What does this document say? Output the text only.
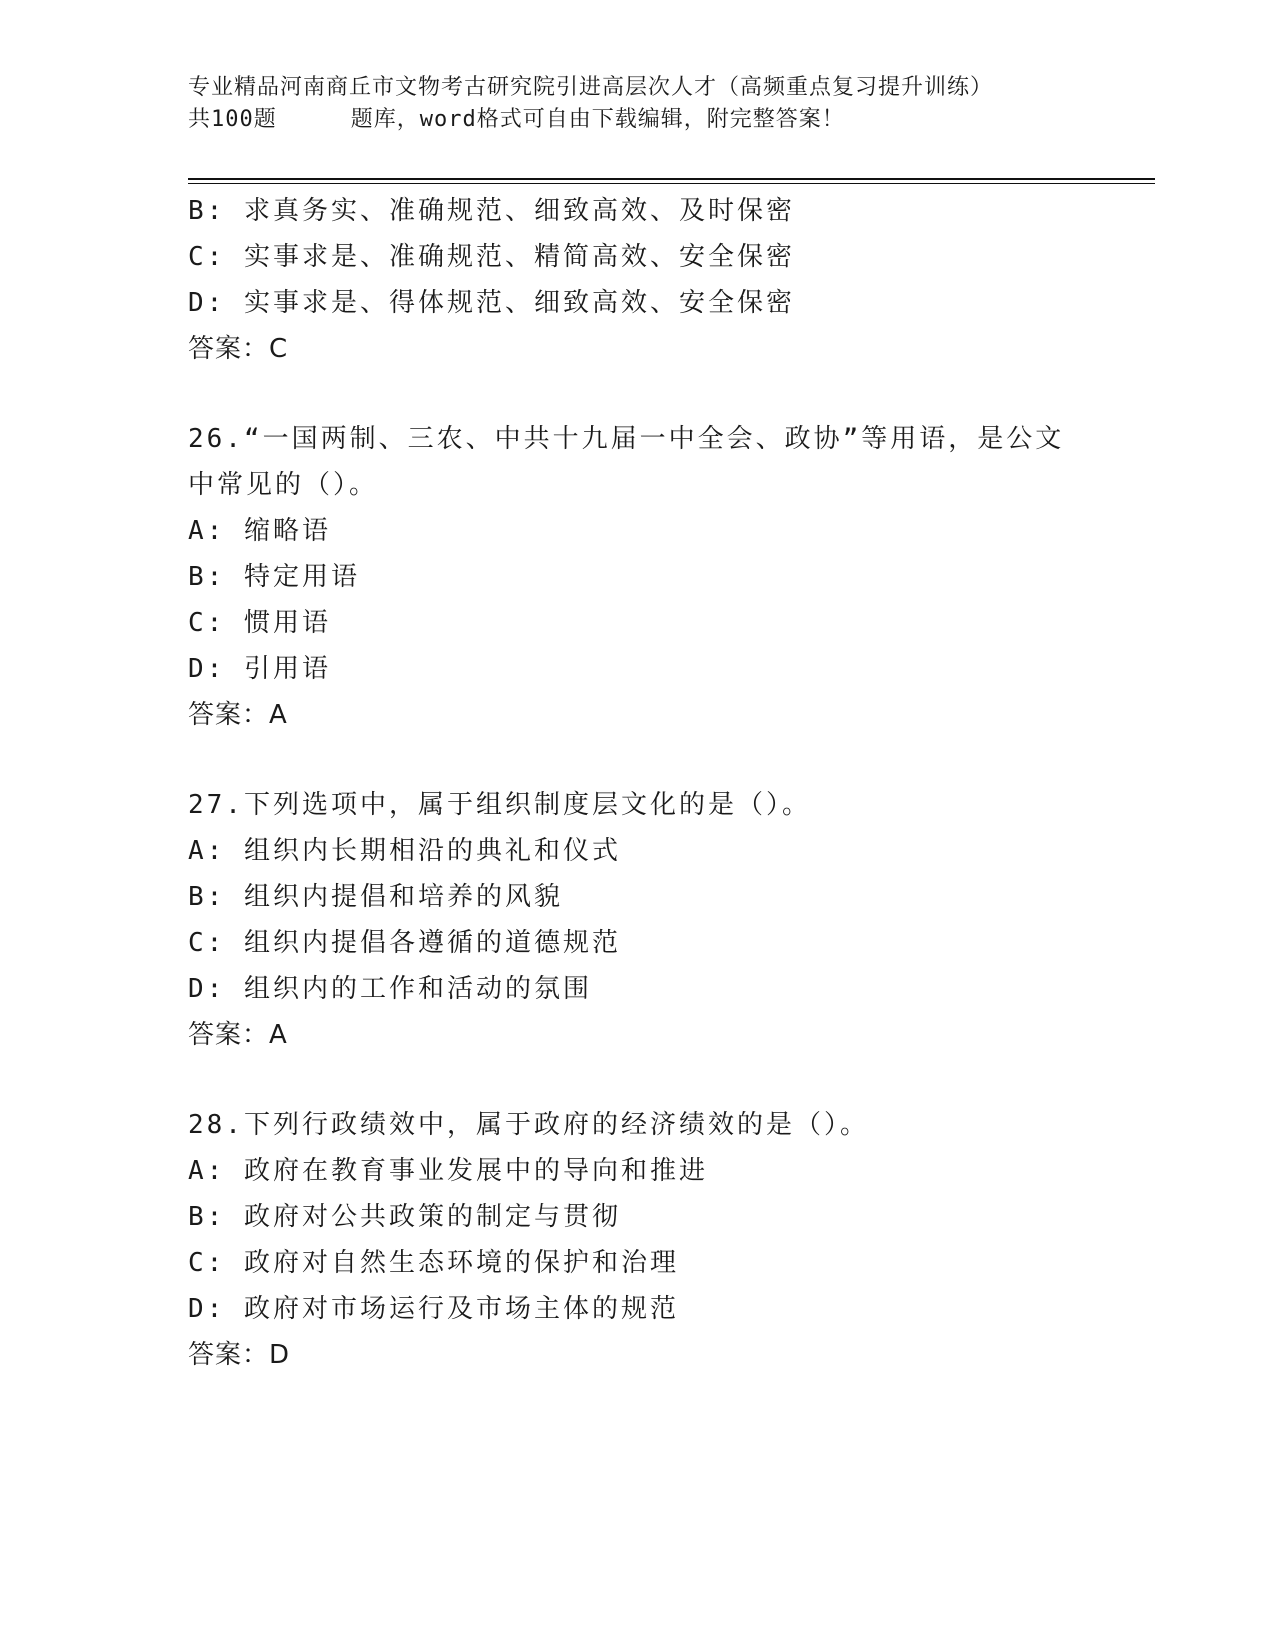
专业精品河南商丘市文物考古研究院引进高层次人才（高频重点复习提升训练）
共100题	题库，word格式可自由下载编辑，附完整答案！
B: 求真务实、准确规范、细致高效、及时保密
C: 实事求是、准确规范、精简高效、安全保密
D: 实事求是、得体规范、细致高效、安全保密
答案：C
26.“一国两制、三农、中共十九届一中全会、政协”等用语，是公文
中常见的（）。
A: 缩略语
B: 特定用语
C: 惯用语
D: 引用语
答案：A
27.下列选项中，属于组织制度层文化的是（）。
A: 组织内长期相沿的典礼和仪式
B: 组织内提倡和培养的风貌
C: 组织内提倡各遵循的道德规范
D: 组织内的工作和活动的氛围
答案：A
28.下列行政绩效中，属于政府的经济绩效的是（）。
A: 政府在教育事业发展中的导向和推进
B: 政府对公共政策的制定与贯彻
C: 政府对自然生态环境的保护和治理
D: 政府对市场运行及市场主体的规范
答案：D
